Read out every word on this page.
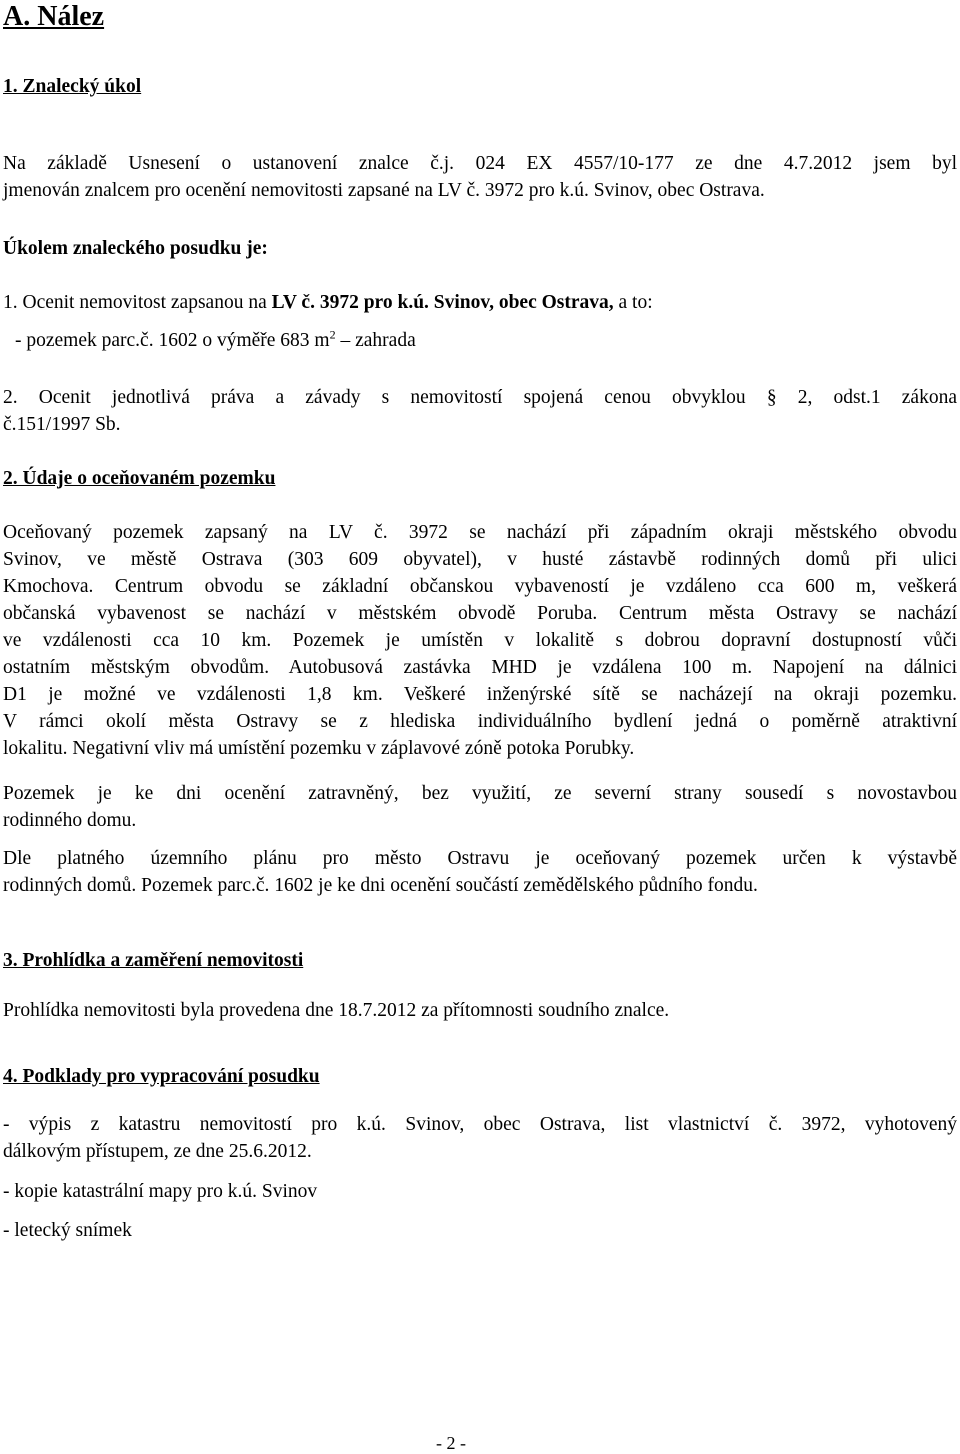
A. Nález
1. Znalecký úkol
Na základě Usnesení o ustanovení znalce č.j. 024 EX 4557/10-177 ze dne 4.7.2012 jsem byl
jmenován znalcem pro ocenění nemovitosti zapsané na LV č. 3972 pro k.ú. Svinov, obec Ostrava.
Úkolem znaleckého posudku je:
1. Ocenit nemovitost zapsanou na LV č. 3972 pro k.ú. Svinov, obec Ostrava, a to:
- pozemek parc.č. 1602 o výměře 683 $m^2$ – zahrada
2. Ocenit jednotlivá práva a závady s nemovitostí spojená cenou obvyklou § 2, odst.1 zákona
č.151/1997 Sb.
2. Údaje o oceňovaném pozemku
Oceňovaný pozemek zapsaný na LV č. 3972 se nachází při západním okraji městského obvodu
Svinov, ve městě Ostrava (303 609 obyvatel), v husté zástavbě rodinných domů při ulici
Kmochova. Centrum obvodu se základní občanskou vybaveností je vzdáleno cca 600 m, veškerá
občanská vybavenost se nachází v městském obvodě Poruba. Centrum města Ostravy se nachází
ve vzdálenosti cca 10 km. Pozemek je umístěn v lokalitě s dobrou dopravní dostupností vůči
ostatním městským obvodům. Autobusová zastávka MHD je vzdálena 100 m. Napojení na dálnici
D1 je možné ve vzdálenosti 1,8 km. Veškeré inženýrské sítě se nacházejí na okraji pozemku.
V rámci okolí města Ostravy se z hlediska individuálního bydlení jedná o poměrně atraktivní
lokalitu. Negativní vliv má umístění pozemku v záplavové zóně potoka Porubky.
Pozemek je ke dni ocenění zatravněný, bez využití, ze severní strany sousedí s novostavbou
rodinného domu.
Dle platného územního plánu pro město Ostravu je oceňovaný pozemek určen k výstavbě
rodinných domů. Pozemek parc.č. 1602 je ke dni ocenění součástí zemědělského půdního fondu.
3. Prohlídka a zaměření nemovitosti
Prohlídka nemovitosti byla provedena dne 18.7.2012 za přítomnosti soudního znalce.
4. Podklady pro vypracování posudku
- výpis z katastru nemovitostí pro k.ú. Svinov, obec Ostrava, list vlastnictví č. 3972, vyhotovený
dálkovým přístupem, ze dne 25.6.2012.
- kopie katastrální mapy pro k.ú. Svinov
- letecký snímek
- 2 -
